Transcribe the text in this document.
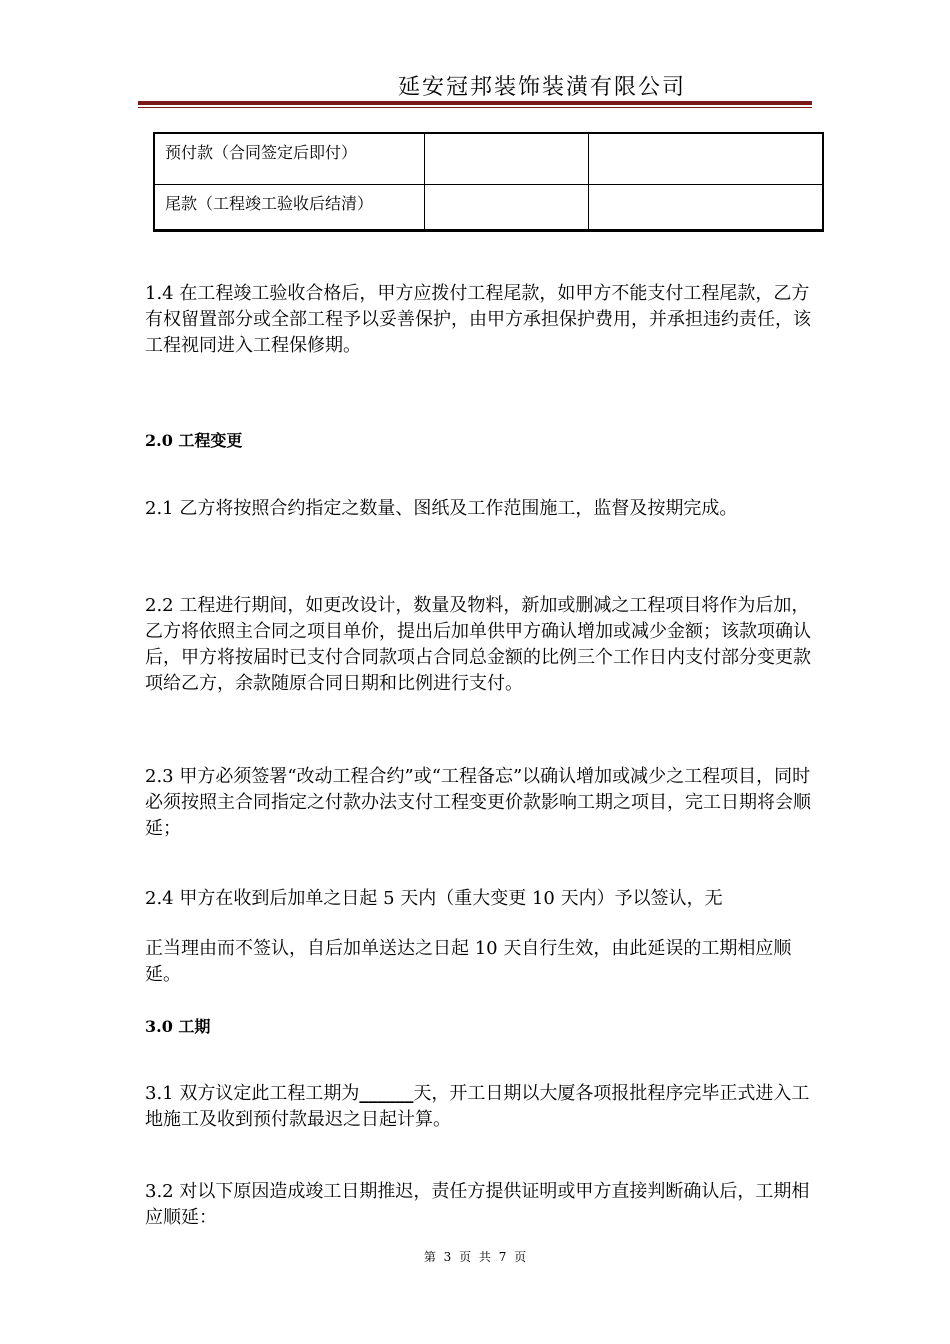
延安冠邦装饰装潢有限公司
预付款（合同签定后即付）		
尾款（工程竣工验收后结清）		
1.4 在工程竣工验收合格后，甲方应拨付工程尾款，如甲方不能支付工程尾款，乙方有权留置部分或全部工程予以妥善保护，由甲方承担保护费用，并承担违约责任，该工程视同进入工程保修期。
2.0 工程变更
2.1 乙方将按照合约指定之数量、图纸及工作范围施工，监督及按期完成。
2.2 工程进行期间，如更改设计，数量及物料，新加或删减之工程项目将作为后加，乙方将依照主合同之项目单价，提出后加单供甲方确认增加或减少金额；该款项确认后，甲方将按届时已支付合同款项占合同总金额的比例三个工作日内支付部分变更款项给乙方，余款随原合同日期和比例进行支付。
2.3 甲方必须签署“改动工程合约”或“工程备忘”以确认增加或减少之工程项目，同时必须按照主合同指定之付款办法支付工程变更价款影响工期之项目，完工日期将会顺延；
2.4 甲方在收到后加单之日起 5 天内（重大变更 10 天内）予以签认，无
正当理由而不签认，自后加单送达之日起 10 天自行生效，由此延误的工期相应顺延。
3.0 工期
3.1 双方议定此工程工期为______天，开工日期以大厦各项报批程序完毕正式进入工地施工及收到预付款最迟之日起计算。
3.2 对以下原因造成竣工日期推迟，责任方提供证明或甲方直接判断确认后，工期相应顺延：
第 3 页 共 7 页
